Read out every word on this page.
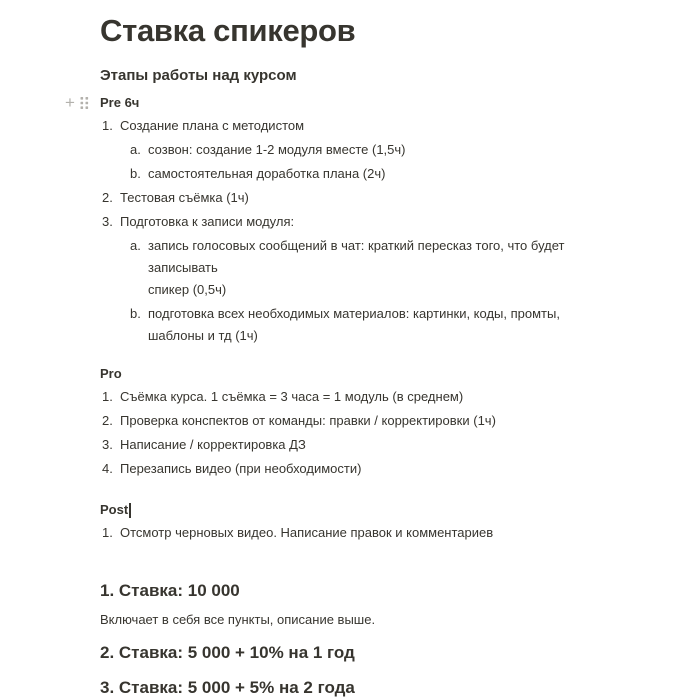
Ставка спикеров

Этапы работы над курсом

+ Pre 6ч
1. Создание плана с методистом
a. созвон: создание 1-2 модуля вместе (1,5ч)
b. самостоятельная доработка плана (2ч)
2. Тестовая съёмка (1ч)
3. Подготовка к записи модуля:
a. запись голосовых сообщений в чат: краткий пересказ того, что будет записывать
спикер (0,5ч)
b. подготовка всех необходимых материалов: картинки, коды, промты, шаблоны и тд (1ч)
Pro
1. Съёмка курса. 1 съёмка = 3 часа = 1 модуль (в среднем)
2. Проверка конспектов от команды: правки / корректировки (1ч)
3. Написание / корректировка ДЗ
4. Перезапись видео (при необходимости)
Post
1. Отсмотр черновых видео. Написание правок и комментариев
1. Ставка: 10 000

Включает в себя все пункты, описание выше.

2. Ставка: 5 000 + 10% на 1 год
3. Ставка: 5 000 + 5% на 2 года
